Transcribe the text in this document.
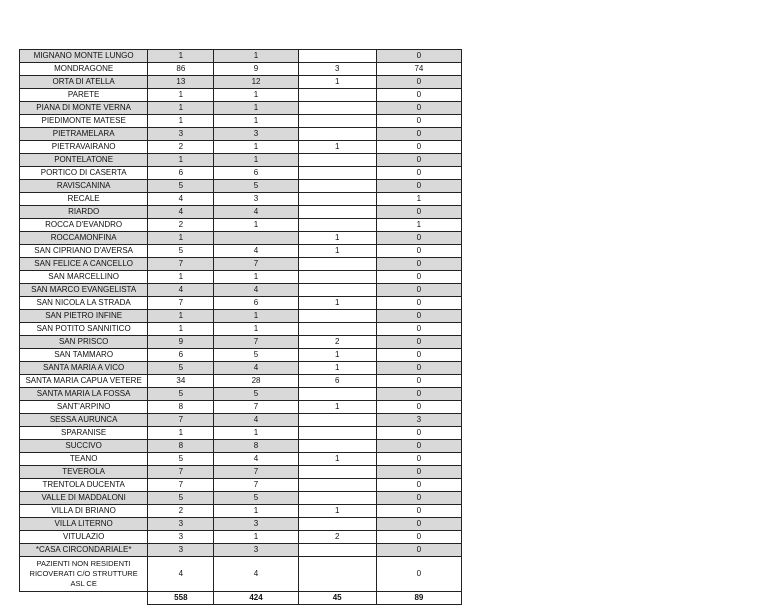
MIGNANO MONTE LUNGO	1	1		0
MONDRAGONE	86	9	3	74
ORTA DI ATELLA	13	12	1	0
PARETE	1	1		0
PIANA DI MONTE VERNA	1	1		0
PIEDIMONTE MATESE	1	1		0
PIETRAMELARA	3	3		0
PIETRAVAIRANO	2	1	1	0
PONTELATONE	1	1		0
PORTICO DI CASERTA	6	6		0
RAVISCANINA	5	5		0
RECALE	4	3		1
RIARDO	4	4		0
ROCCA D'EVANDRO	2	1		1
ROCCAMONFINA	1		1	0
SAN CIPRIANO D'AVERSA	5	4	1	0
SAN FELICE A CANCELLO	7	7		0
SAN MARCELLINO	1	1		0
SAN MARCO EVANGELISTA	4	4		0
SAN NICOLA LA STRADA	7	6	1	0
SAN PIETRO INFINE	1	1		0
SAN POTITO SANNITICO	1	1		0
SAN PRISCO	9	7	2	0
SAN TAMMARO	6	5	1	0
SANTA MARIA A VICO	5	4	1	0
SANTA MARIA CAPUA VETERE	34	28	6	0
SANTA MARIA LA FOSSA	5	5		0
SANT'ARPINO	8	7	1	0
SESSA AURUNCA	7	4		3
SPARANISE	1	1		0
SUCCIVO	8	8		0
TEANO	5	4	1	0
TEVEROLA	7	7		0
TRENTOLA DUCENTA	7	7		0
VALLE DI MADDALONI	5	5		0
VILLA DI BRIANO	2	1	1	0
VILLA LITERNO	3	3		0
VITULAZIO	3	1	2	0
*CASA CIRCONDARIALE*	3	3		0
PAZIENTI NON RESIDENTI RICOVERATI C/O STRUTTURE ASL CE	4	4		0
	558	424	45	89
